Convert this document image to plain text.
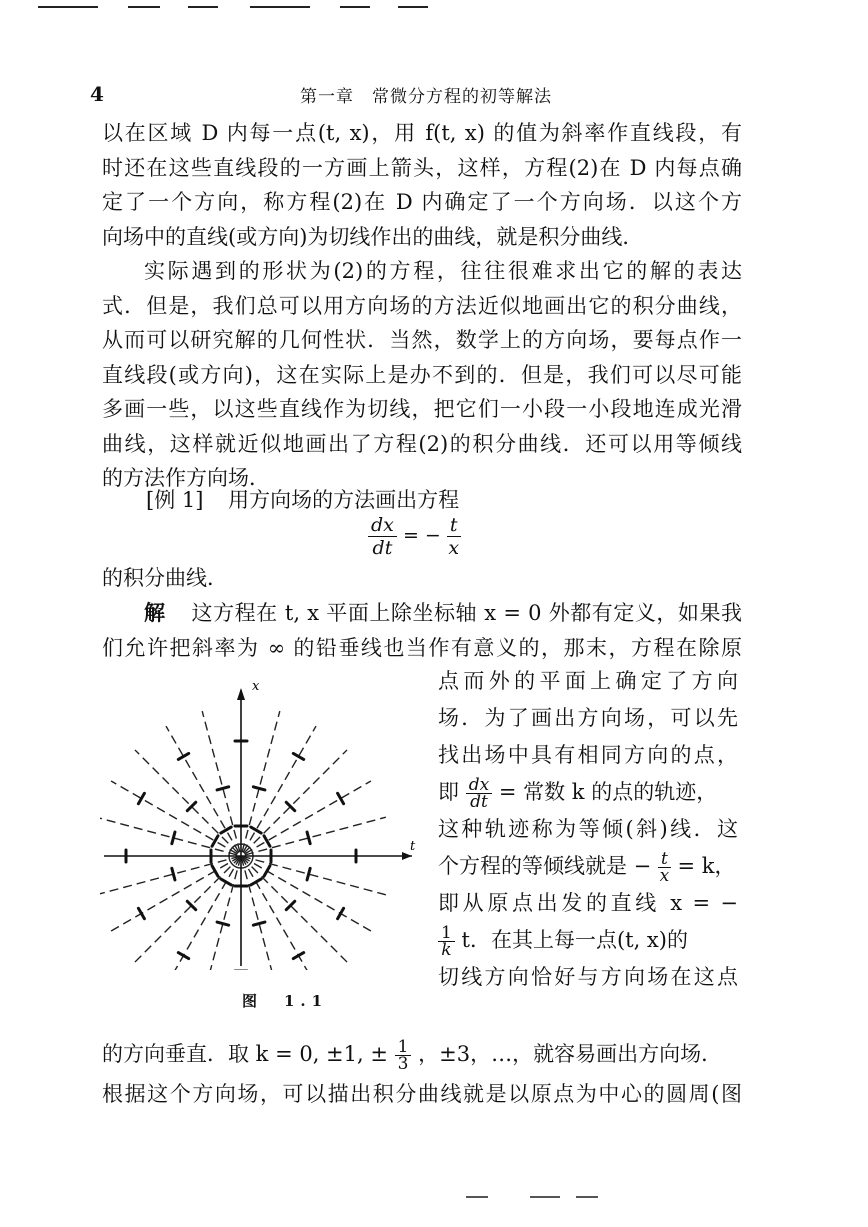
4	第一章　常微分方程的初等解法
以在区域 D 内每一点(t, x)，用 f(t, x) 的值为斜率作直线段，有
时还在这些直线段的一方画上箭头，这样，方程(2)在 D 内每点确
定了一个方向，称方程(2)在 D 内确定了一个方向场．以这个方
向场中的直线(或方向)为切线作出的曲线，就是积分曲线．
实际遇到的形状为(2)的方程，往往很难求出它的解的表达
式．但是，我们总可以用方向场的方法近似地画出它的积分曲线，
从而可以研究解的几何性状．当然，数学上的方向场，要每点作一
直线段(或方向)，这在实际上是办不到的．但是，我们可以尽可能
多画一些，以这些直线作为切线，把它们一小段一小段地连成光滑
曲线，这样就近似地画出了方程(2)的积分曲线．还可以用等倾线
的方法作方向场．
[例 1] 用方向场的方法画出方程
$\frac{dx}{dt}$ = − $\frac{t}{x}$
的积分曲线．
解 这方程在 t, x 平面上除坐标轴 x = 0 外都有定义，如果我
们允许把斜率为 ∞ 的铅垂线也当作有意义的，那末，方程在除原
点而外的平面上确定了方向
场．为了画出方向场，可以先
找出场中具有相同方向的点，
即 $\frac{dx}{dt}$ = 常数 k 的点的轨迹，
这种轨迹称为等倾(斜)线．这
个方程的等倾线就是 − $\frac{t}{x} = k$，
即从原点出发的直线 x = −
$\frac{1}{k}$ t．在其上每一点(t, x)的
切线方向恰好与方向场在这点
t
x
图　1.1
的方向垂直．取 k = 0, ±1, ± $\frac{1}{3}$ ，±3，…，就容易画出方向场．
根据这个方向场，可以描出积分曲线就是以原点为中心的圆周(图
